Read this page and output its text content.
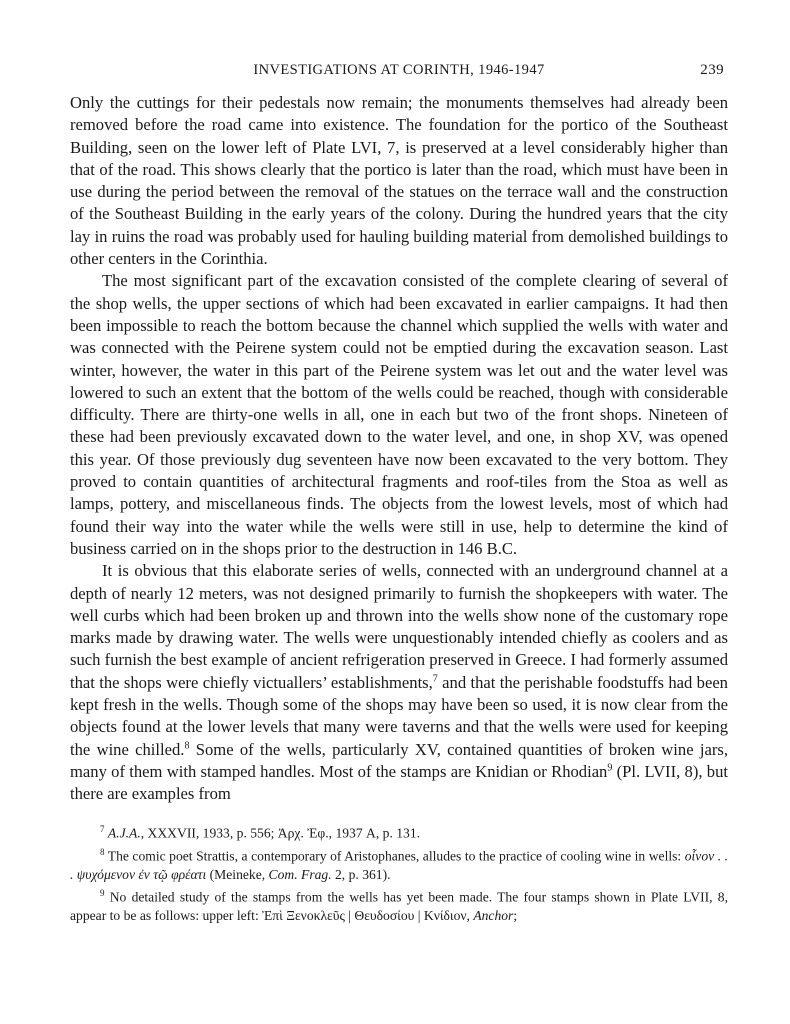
INVESTIGATIONS AT CORINTH, 1946-1947	239

Only the cuttings for their pedestals now remain; the monuments themselves had already been removed before the road came into existence. The foundation for the portico of the Southeast Building, seen on the lower left of Plate LVI, 7, is preserved at a level considerably higher than that of the road. This shows clearly that the portico is later than the road, which must have been in use during the period between the removal of the statues on the terrace wall and the construction of the Southeast Building in the early years of the colony. During the hundred years that the city lay in ruins the road was probably used for hauling building material from demolished buildings to other centers in the Corinthia.

The most significant part of the excavation consisted of the complete clearing of several of the shop wells, the upper sections of which had been excavated in earlier campaigns. It had then been impossible to reach the bottom because the channel which supplied the wells with water and was connected with the Peirene system could not be emptied during the excavation season. Last winter, however, the water in this part of the Peirene system was let out and the water level was lowered to such an extent that the bottom of the wells could be reached, though with considerable difficulty. There are thirty-one wells in all, one in each but two of the front shops. Nineteen of these had been previously excavated down to the water level, and one, in shop XV, was opened this year. Of those previously dug seventeen have now been excavated to the very bottom. They proved to contain quantities of architectural fragments and roof-tiles from the Stoa as well as lamps, pottery, and miscellaneous finds. The objects from the lowest levels, most of which had found their way into the water while the wells were still in use, help to determine the kind of business carried on in the shops prior to the destruction in 146 B.C.

It is obvious that this elaborate series of wells, connected with an underground channel at a depth of nearly 12 meters, was not designed primarily to furnish the shopkeepers with water. The well curbs which had been broken up and thrown into the wells show none of the customary rope marks made by drawing water. The wells were unquestionably intended chiefly as coolers and as such furnish the best example of ancient refrigeration preserved in Greece. I had formerly assumed that the shops were chiefly victuallers’ establishments,$^7$ and that the perishable foodstuffs had been kept fresh in the wells. Though some of the shops may have been so used, it is now clear from the objects found at the lower levels that many were taverns and that the wells were used for keeping the wine chilled.$^8$ Some of the wells, particularly XV, contained quantities of broken wine jars, many of them with stamped handles. Most of the stamps are Knidian or Rhodian$^9$ (Pl. LVII, 8), but there are examples from

$^7$ A.J.A., XXXVII, 1933, p. 556; Ἀρχ. Ἐφ., 1937 A, p. 131.

$^8$ The comic poet Strattis, a contemporary of Aristophanes, alludes to the practice of cooling wine in wells: οἶνον . . . ψυχόμενον ἐν τῷ φρέατι (Meineke, Com. Frag. 2, p. 361).

$^9$ No detailed study of the stamps from the wells has yet been made. The four stamps shown in Plate LVII, 8, appear to be as follows: upper left: Ἐπὶ Ξενοκλεῦς | Θευδοσίου | Κνίδιον, Anchor;
